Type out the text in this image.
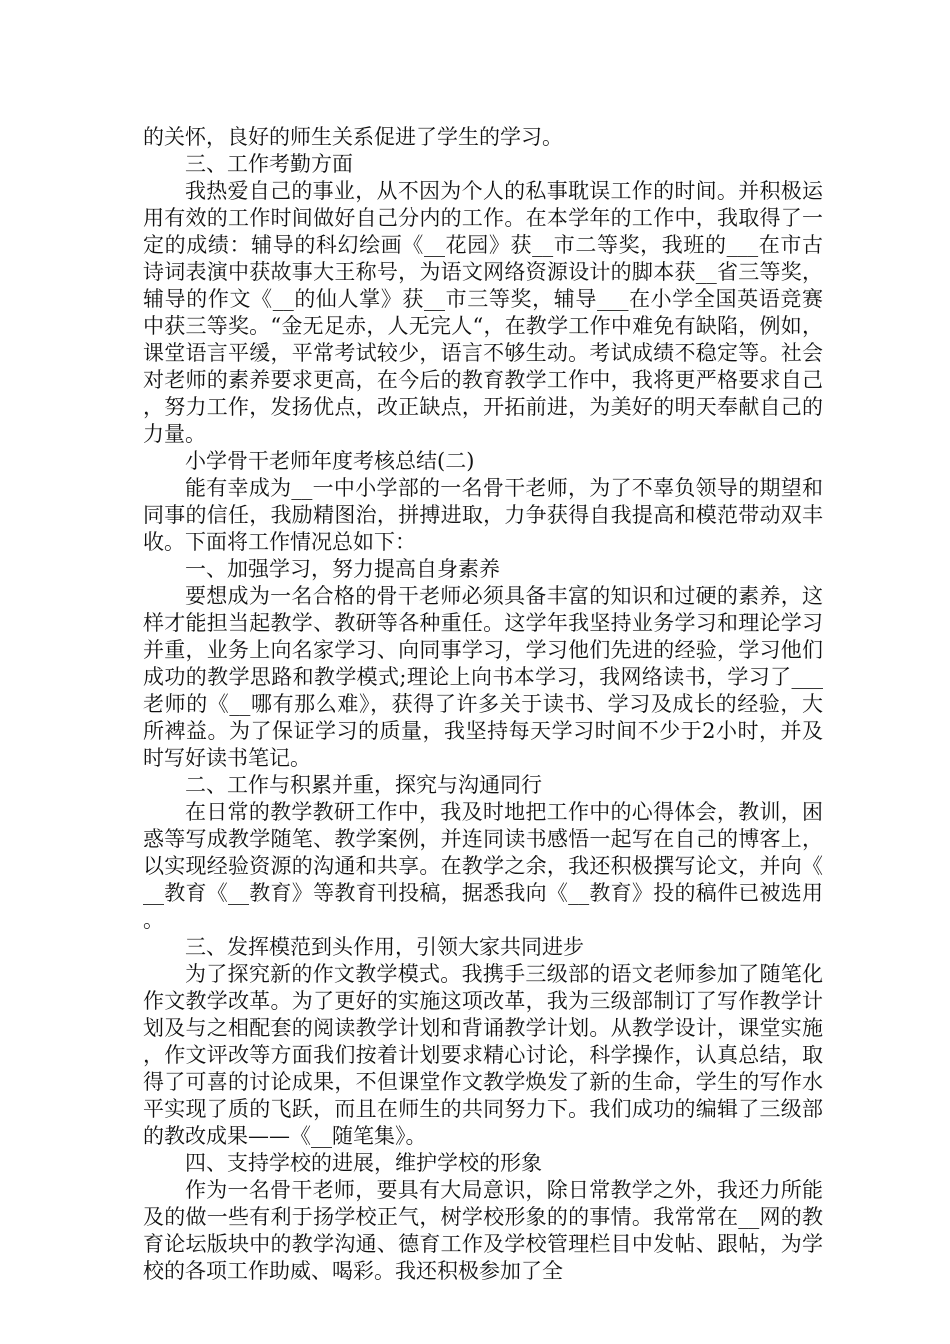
的关怀，良好的师生关系促进了学生的学习。

三、工作考勤方面

我热爱自己的事业，从不因为个人的私事耽误工作的时间。并积极运用有效的工作时间做好自己分内的工作。在本学年的工作中，我取得了一定的成绩：辅导的科幻绘画《__花园》获__市二等奖，我班的___在市古诗词表演中获故事大王称号，为语文网络资源设计的脚本获__省三等奖，辅导的作文《__的仙人掌》获__市三等奖，辅导___在小学全国英语竞赛中获三等奖。“金无足赤，人无完人“，在教学工作中难免有缺陷，例如，课堂语言平缓，平常考试较少，语言不够生动。考试成绩不稳定等。社会对老师的素养要求更高，在今后的教育教学工作中，我将更严格要求自己，努力工作，发扬优点，改正缺点，开拓前进，为美好的明天奉献自己的力量。

小学骨干老师年度考核总结(二)

能有幸成为__一中小学部的一名骨干老师，为了不辜负领导的期望和同事的信任，我励精图治，拼搏进取，力争获得自我提高和模范带动双丰收。下面将工作情况总如下：

一、加强学习，努力提高自身素养

要想成为一名合格的骨干老师必须具备丰富的知识和过硬的素养，这样才能担当起教学、教研等各种重任。这学年我坚持业务学习和理论学习并重，业务上向名家学习、向同事学习，学习他们先进的经验，学习他们成功的教学思路和教学模式;理论上向书本学习，我网络读书，学习了___老师的《__哪有那么难》，获得了许多关于读书、学习及成长的经验，大所裨益。为了保证学习的质量，我坚持每天学习时间不少于2小时，并及时写好读书笔记。

二、工作与积累并重，探究与沟通同行

在日常的教学教研工作中，我及时地把工作中的心得体会，教训，困惑等写成教学随笔、教学案例，并连同读书感悟一起写在自己的博客上，以实现经验资源的沟通和共享。在教学之余，我还积极撰写论文，并向《__教育《__教育》等教育刊投稿，据悉我向《__教育》投的稿件已被选用。

三、发挥模范到头作用，引领大家共同进步

为了探究新的作文教学模式。我携手三级部的语文老师参加了随笔化作文教学改革。为了更好的实施这项改革，我为三级部制订了写作教学计划及与之相配套的阅读教学计划和背诵教学计划。从教学设计，课堂实施，作文评改等方面我们按着计划要求精心讨论，科学操作，认真总结，取得了可喜的讨论成果，不但课堂作文教学焕发了新的生命，学生的写作水平实现了质的飞跃，而且在师生的共同努力下。我们成功的编辑了三级部的教改成果——《__随笔集》。

四、支持学校的进展，维护学校的形象

作为一名骨干老师，要具有大局意识，除日常教学之外，我还力所能及的做一些有利于扬学校正气，树学校形象的的事情。我常常在__网的教育论坛版块中的教学沟通、德育工作及学校管理栏目中发帖、跟帖，为学校的各项工作助威、喝彩。我还积极参加了全
